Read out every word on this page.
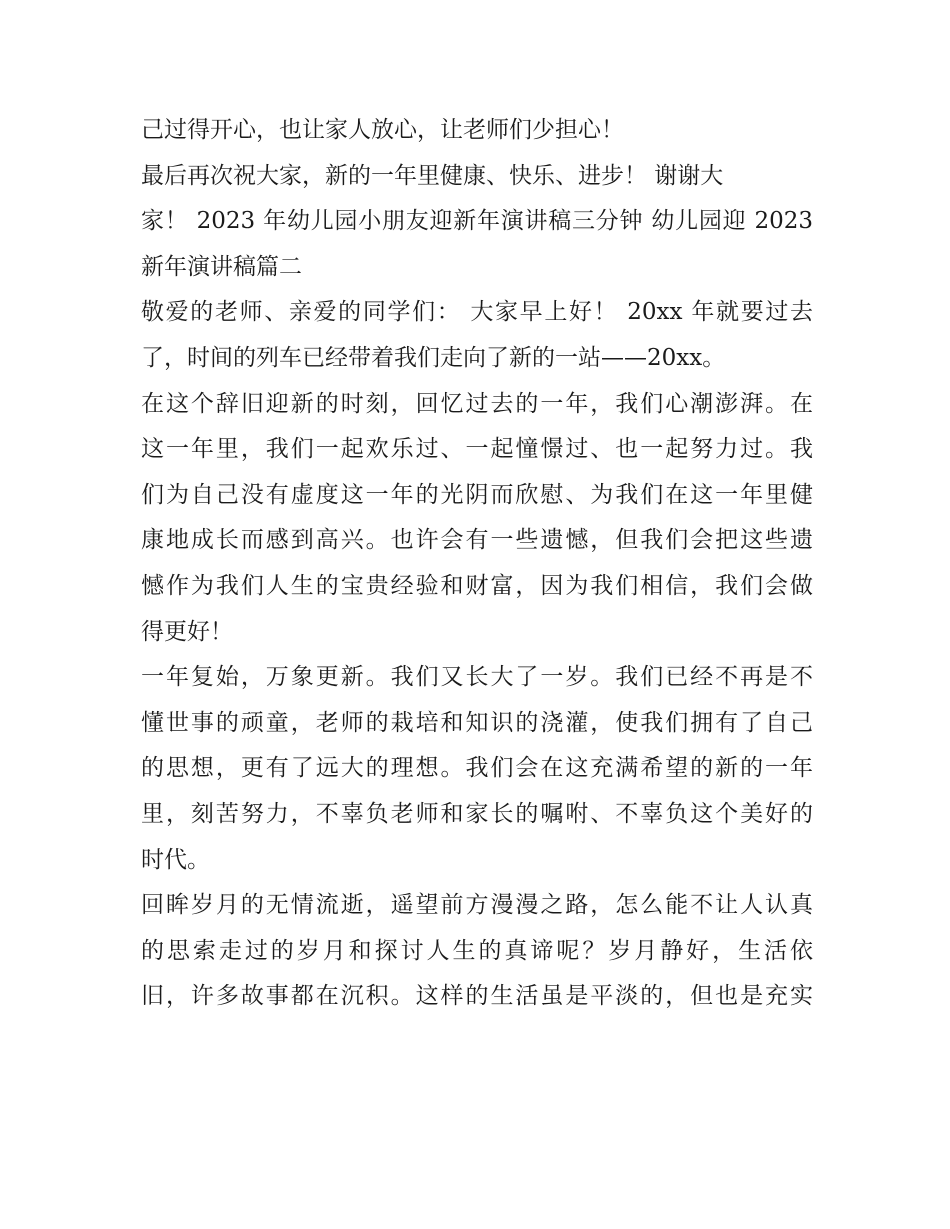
己过得开心，也让家人放心，让老师们少担心！
最后再次祝大家，新的一年里健康、快乐、进步！ 谢谢大
家！ 2023 年幼儿园小朋友迎新年演讲稿三分钟 幼儿园迎 2023
新年演讲稿篇二
敬爱的老师、亲爱的同学们： 大家早上好！ 20xx 年就要过去
了，时间的列车已经带着我们走向了新的一站——20xx。
在这个辞旧迎新的时刻，回忆过去的一年，我们心潮澎湃。在
这一年里，我们一起欢乐过、一起憧憬过、也一起努力过。我
们为自己没有虚度这一年的光阴而欣慰、为我们在这一年里健
康地成长而感到高兴。也许会有一些遗憾，但我们会把这些遗
憾作为我们人生的宝贵经验和财富，因为我们相信，我们会做
得更好！
一年复始，万象更新。我们又长大了一岁。我们已经不再是不
懂世事的顽童，老师的栽培和知识的浇灌，使我们拥有了自己
的思想，更有了远大的理想。我们会在这充满希望的新的一年
里，刻苦努力，不辜负老师和家长的嘱咐、不辜负这个美好的
时代。
回眸岁月的无情流逝，遥望前方漫漫之路，怎么能不让人认真
的思索走过的岁月和探讨人生的真谛呢？岁月静好，生活依
旧，许多故事都在沉积。这样的生活虽是平淡的，但也是充实
